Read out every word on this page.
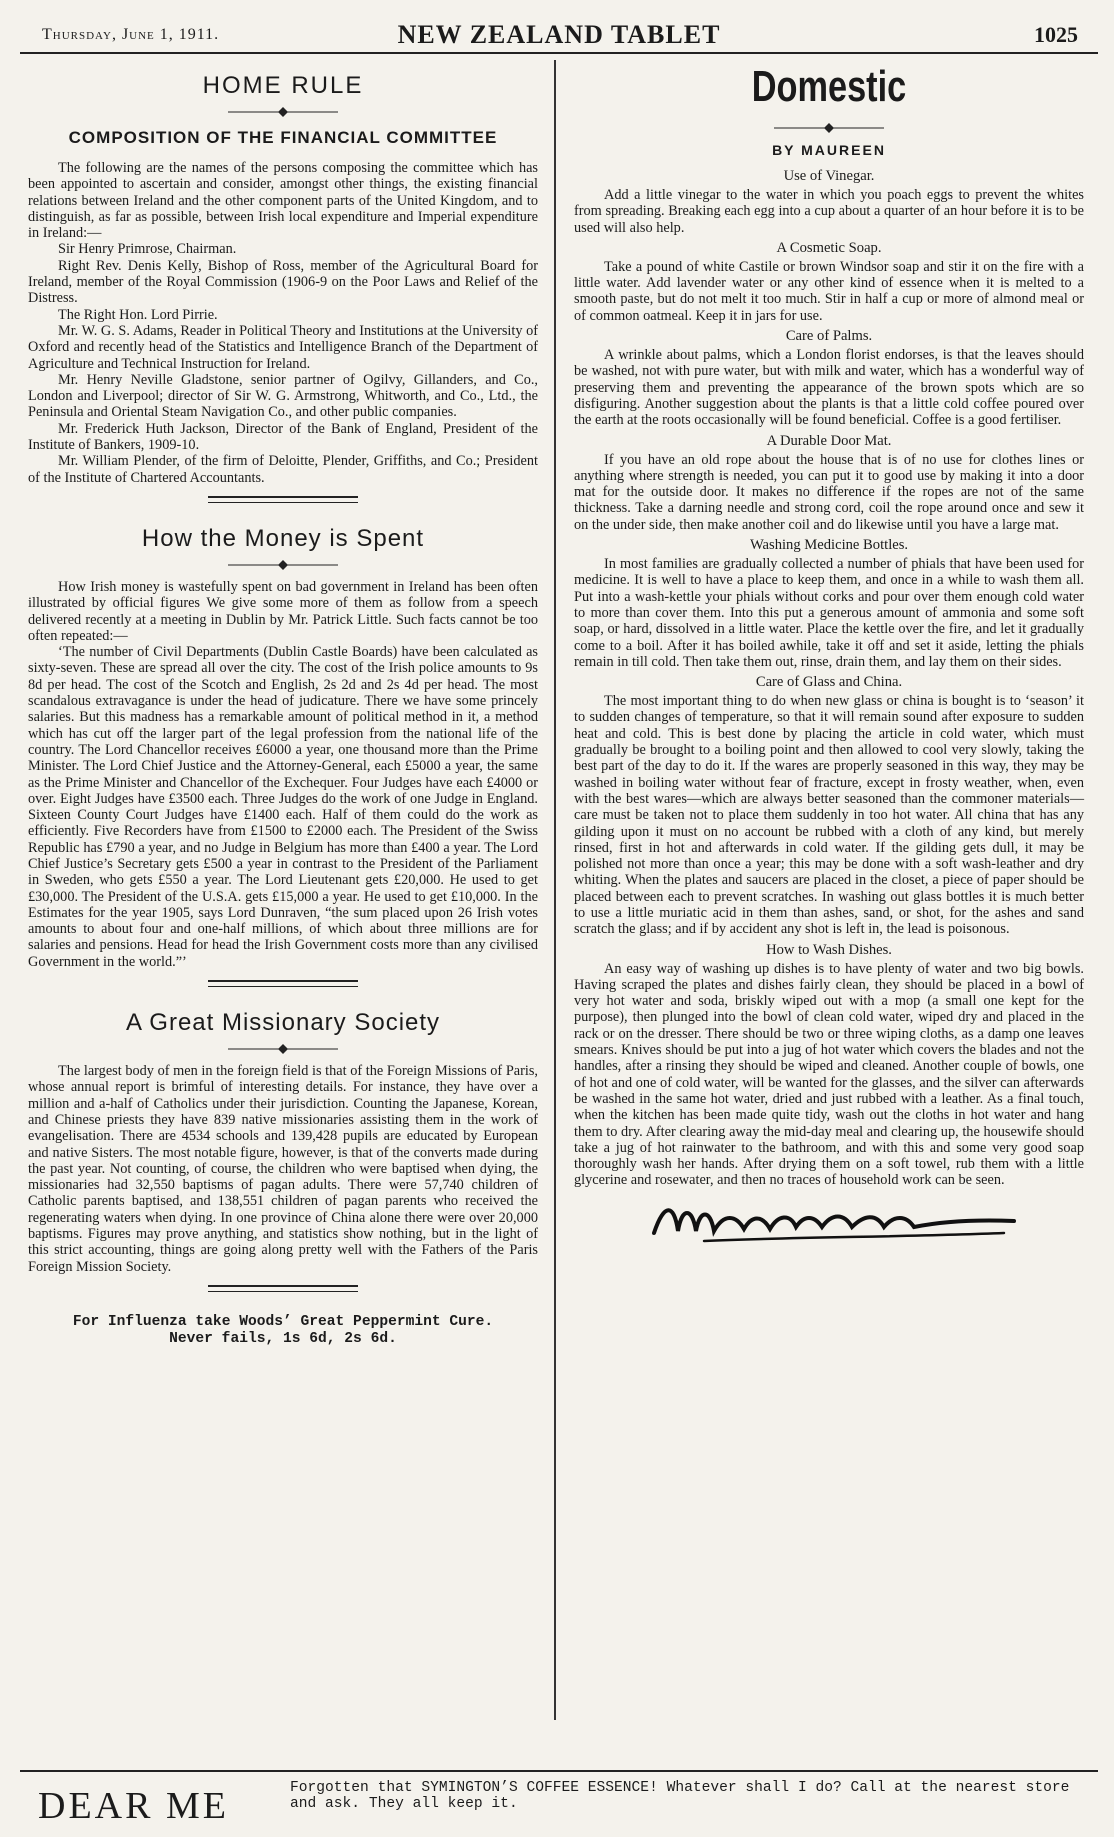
Thursday, June 1, 1911.	NEW ZEALAND TABLET	1025
HOME RULE
COMPOSITION OF THE FINANCIAL COMMITTEE

The following are the names of the persons composing the committee which has been appointed to ascertain and consider, amongst other things, the existing financial relations between Ireland and the other component parts of the United Kingdom, and to distinguish, as far as possible, between Irish local expenditure and Imperial expenditure in Ireland:—

Sir Henry Primrose, Chairman.

Right Rev. Denis Kelly, Bishop of Ross, member of the Agricultural Board for Ireland, member of the Royal Commission (1906-9 on the Poor Laws and Relief of the Distress.

The Right Hon. Lord Pirrie.

Mr. W. G. S. Adams, Reader in Political Theory and Institutions at the University of Oxford and recently head of the Statistics and Intelligence Branch of the Department of Agriculture and Technical Instruction for Ireland.

Mr. Henry Neville Gladstone, senior partner of Ogilvy, Gillanders, and Co., London and Liverpool; director of Sir W. G. Armstrong, Whitworth, and Co., Ltd., the Peninsula and Oriental Steam Navigation Co., and other public companies.

Mr. Frederick Huth Jackson, Director of the Bank of England, President of the Institute of Bankers, 1909-10.

Mr. William Plender, of the firm of Deloitte, Plender, Griffiths, and Co.; President of the Institute of Chartered Accountants.

How the Money is Spent

How Irish money is wastefully spent on bad government in Ireland has been often illustrated by official figures We give some more of them as follow from a speech delivered recently at a meeting in Dublin by Mr. Patrick Little. Such facts cannot be too often repeated:—

‘The number of Civil Departments (Dublin Castle Boards) have been calculated as sixty-seven. These are spread all over the city. The cost of the Irish police amounts to 9s 8d per head. The cost of the Scotch and English, 2s 2d and 2s 4d per head. The most scandalous extravagance is under the head of judicature. There we have some princely salaries. But this madness has a remarkable amount of political method in it, a method which has cut off the larger part of the legal profession from the national life of the country. The Lord Chancellor receives £6000 a year, one thousand more than the Prime Minister. The Lord Chief Justice and the Attorney-General, each £5000 a year, the same as the Prime Minister and Chancellor of the Exchequer. Four Judges have each £4000 or over. Eight Judges have £3500 each. Three Judges do the work of one Judge in England. Sixteen County Court Judges have £1400 each. Half of them could do the work as efficiently. Five Recorders have from £1500 to £2000 each. The President of the Swiss Republic has £790 a year, and no Judge in Belgium has more than £400 a year. The Lord Chief Justice’s Secretary gets £500 a year in contrast to the President of the Parliament in Sweden, who gets £550 a year. The Lord Lieutenant gets £20,000. He used to get £30,000. The President of the U.S.A. gets £15,000 a year. He used to get £10,000. In the Estimates for the year 1905, says Lord Dunraven, “the sum placed upon 26 Irish votes amounts to about four and one-half millions, of which about three millions are for salaries and pensions. Head for head the Irish Government costs more than any civilised Government in the world.”’

A Great Missionary Society

The largest body of men in the foreign field is that of the Foreign Missions of Paris, whose annual report is brimful of interesting details. For instance, they have over a million and a-half of Catholics under their jurisdiction. Counting the Japanese, Korean, and Chinese priests they have 839 native missionaries assisting them in the work of evangelisation. There are 4534 schools and 139,428 pupils are educated by European and native Sisters. The most notable figure, however, is that of the converts made during the past year. Not counting, of course, the children who were baptised when dying, the missionaries had 32,550 baptisms of pagan adults. There were 57,740 children of Catholic parents baptised, and 138,551 children of pagan parents who received the regenerating waters when dying. In one province of China alone there were over 20,000 baptisms. Figures may prove anything, and statistics show nothing, but in the light of this strict accounting, things are going along pretty well with the Fathers of the Paris Foreign Mission Society.

For Influenza take Woods’ Great Peppermint Cure.
Never fails, 1s 6d, 2s 6d.
Domestic
BY MAUREEN
Use of Vinegar.

Add a little vinegar to the water in which you poach eggs to prevent the whites from spreading. Breaking each egg into a cup about a quarter of an hour before it is to be used will also help.

A Cosmetic Soap.

Take a pound of white Castile or brown Windsor soap and stir it on the fire with a little water. Add lavender water or any other kind of essence when it is melted to a smooth paste, but do not melt it too much. Stir in half a cup or more of almond meal or of common oatmeal. Keep it in jars for use.

Care of Palms.

A wrinkle about palms, which a London florist endorses, is that the leaves should be washed, not with pure water, but with milk and water, which has a wonderful way of preserving them and preventing the appearance of the brown spots which are so disfiguring. Another suggestion about the plants is that a little cold coffee poured over the earth at the roots occasionally will be found beneficial. Coffee is a good fertiliser.

A Durable Door Mat.

If you have an old rope about the house that is of no use for clothes lines or anything where strength is needed, you can put it to good use by making it into a door mat for the outside door. It makes no difference if the ropes are not of the same thickness. Take a darning needle and strong cord, coil the rope around once and sew it on the under side, then make another coil and do likewise until you have a large mat.

Washing Medicine Bottles.

In most families are gradually collected a number of phials that have been used for medicine. It is well to have a place to keep them, and once in a while to wash them all. Put into a wash-kettle your phials without corks and pour over them enough cold water to more than cover them. Into this put a generous amount of ammonia and some soft soap, or hard, dissolved in a little water. Place the kettle over the fire, and let it gradually come to a boil. After it has boiled awhile, take it off and set it aside, letting the phials remain in till cold. Then take them out, rinse, drain them, and lay them on their sides.

Care of Glass and China.

The most important thing to do when new glass or china is bought is to ‘season’ it to sudden changes of temperature, so that it will remain sound after exposure to sudden heat and cold. This is best done by placing the article in cold water, which must gradually be brought to a boiling point and then allowed to cool very slowly, taking the best part of the day to do it. If the wares are properly seasoned in this way, they may be washed in boiling water without fear of fracture, except in frosty weather, when, even with the best wares—which are always better seasoned than the commoner materials—care must be taken not to place them suddenly in too hot water. All china that has any gilding upon it must on no account be rubbed with a cloth of any kind, but merely rinsed, first in hot and afterwards in cold water. If the gilding gets dull, it may be polished not more than once a year; this may be done with a soft wash-leather and dry whiting. When the plates and saucers are placed in the closet, a piece of paper should be placed between each to prevent scratches. In washing out glass bottles it is much better to use a little muriatic acid in them than ashes, sand, or shot, for the ashes and sand scratch the glass; and if by accident any shot is left in, the lead is poisonous.

How to Wash Dishes.

An easy way of washing up dishes is to have plenty of water and two big bowls. Having scraped the plates and dishes fairly clean, they should be placed in a bowl of very hot water and soda, briskly wiped out with a mop (a small one kept for the purpose), then plunged into the bowl of clean cold water, wiped dry and placed in the rack or on the dresser. There should be two or three wiping cloths, as a damp one leaves smears. Knives should be put into a jug of hot water which covers the blades and not the handles, after a rinsing they should be wiped and cleaned. Another couple of bowls, one of hot and one of cold water, will be wanted for the glasses, and the silver can afterwards be washed in the same hot water, dried and just rubbed with a leather. As a final touch, when the kitchen has been made quite tidy, wash out the cloths in hot water and hang them to dry. After clearing away the mid-day meal and clearing up, the housewife should take a jug of hot rainwater to the bathroom, and with this and some very good soap thoroughly wash her hands. After drying them on a soft towel, rub them with a little glycerine and rosewater, and then no traces of household work can be seen.

DEAR ME	Forgotten that SYMINGTON’S COFFEE ESSENCE! Whatever shall I do? Call at the nearest store and ask. They all keep it.
